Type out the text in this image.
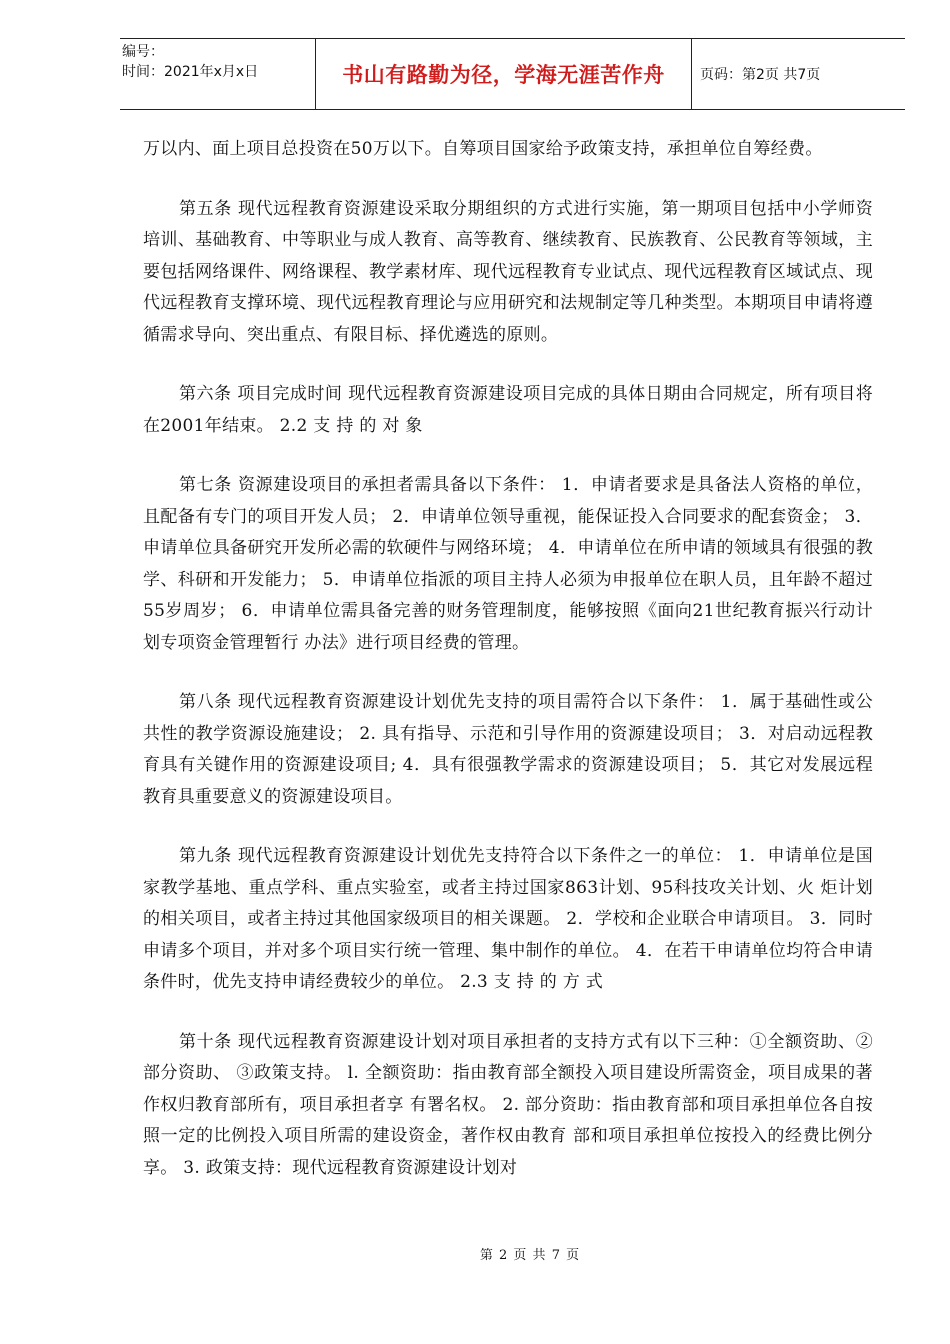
编号：
时间：2021年x月x日	书山有路勤为径，学海无涯苦作舟	页码：第2页 共7页

万以内、面上项目总投资在50万以下。自筹项目国家给予政策支持，承担单位自筹经费。

第五条 现代远程教育资源建设采取分期组织的方式进行实施，第一期项目包括中小学师资培训、基础教育、中等职业与成人教育、高等教育、继续教育、民族教育、公民教育等领域，主要包括网络课件、网络课程、教学素材库、现代远程教育专业试点、现代远程教育区域试点、现代远程教育支撑环境、现代远程教育理论与应用研究和法规制定等几种类型。本期项目申请将遵循需求导向、突出重点、有限目标、择优遴选的原则。

第六条 项目完成时间 现代远程教育资源建设项目完成的具体日期由合同规定，所有项目将在2001年结束。 2.2 支 持 的 对 象

第七条 资源建设项目的承担者需具备以下条件： 1．申请者要求是具备法人资格的单位，且配备有专门的项目开发人员； 2．申请单位领导重视，能保证投入合同要求的配套资金； 3．申请单位具备研究开发所必需的软硬件与网络环境； 4．申请单位在所申请的领域具有很强的教学、科研和开发能力； 5．申请单位指派的项目主持人必须为申报单位在职人员，且年龄不超过55岁周岁； 6．申请单位需具备完善的财务管理制度，能够按照《面向21世纪教育振兴行动计划专项资金管理暂行 办法》进行项目经费的管理。

第八条 现代远程教育资源建设计划优先支持的项目需符合以下条件： 1．属于基础性或公共性的教学资源设施建设； 2. 具有指导、示范和引导作用的资源建设项目； 3．对启动远程教育具有关键作用的资源建设项目; 4．具有很强教学需求的资源建设项目； 5．其它对发展远程教育具重要意义的资源建设项目。

第九条 现代远程教育资源建设计划优先支持符合以下条件之一的单位： 1．申请单位是国家教学基地、重点学科、重点实验室，或者主持过国家863计划、95科技攻关计划、火 炬计划的相关项目，或者主持过其他国家级项目的相关课题。 2．学校和企业联合申请项目。 3．同时申请多个项目，并对多个项目实行统一管理、集中制作的单位。 4．在若干申请单位均符合申请条件时，优先支持申请经费较少的单位。 2.3 支 持 的 方 式

第十条 现代远程教育资源建设计划对项目承担者的支持方式有以下三种：①全额资助、②部分资助、 ③政策支持。 l. 全额资助：指由教育部全额投入项目建设所需资金，项目成果的著作权归教育部所有，项目承担者享 有署名权。 2. 部分资助：指由教育部和项目承担单位各自按照一定的比例投入项目所需的建设资金，著作权由教育 部和项目承担单位按投入的经费比例分享。 3. 政策支持：现代远程教育资源建设计划对

第 2 页 共 7 页
